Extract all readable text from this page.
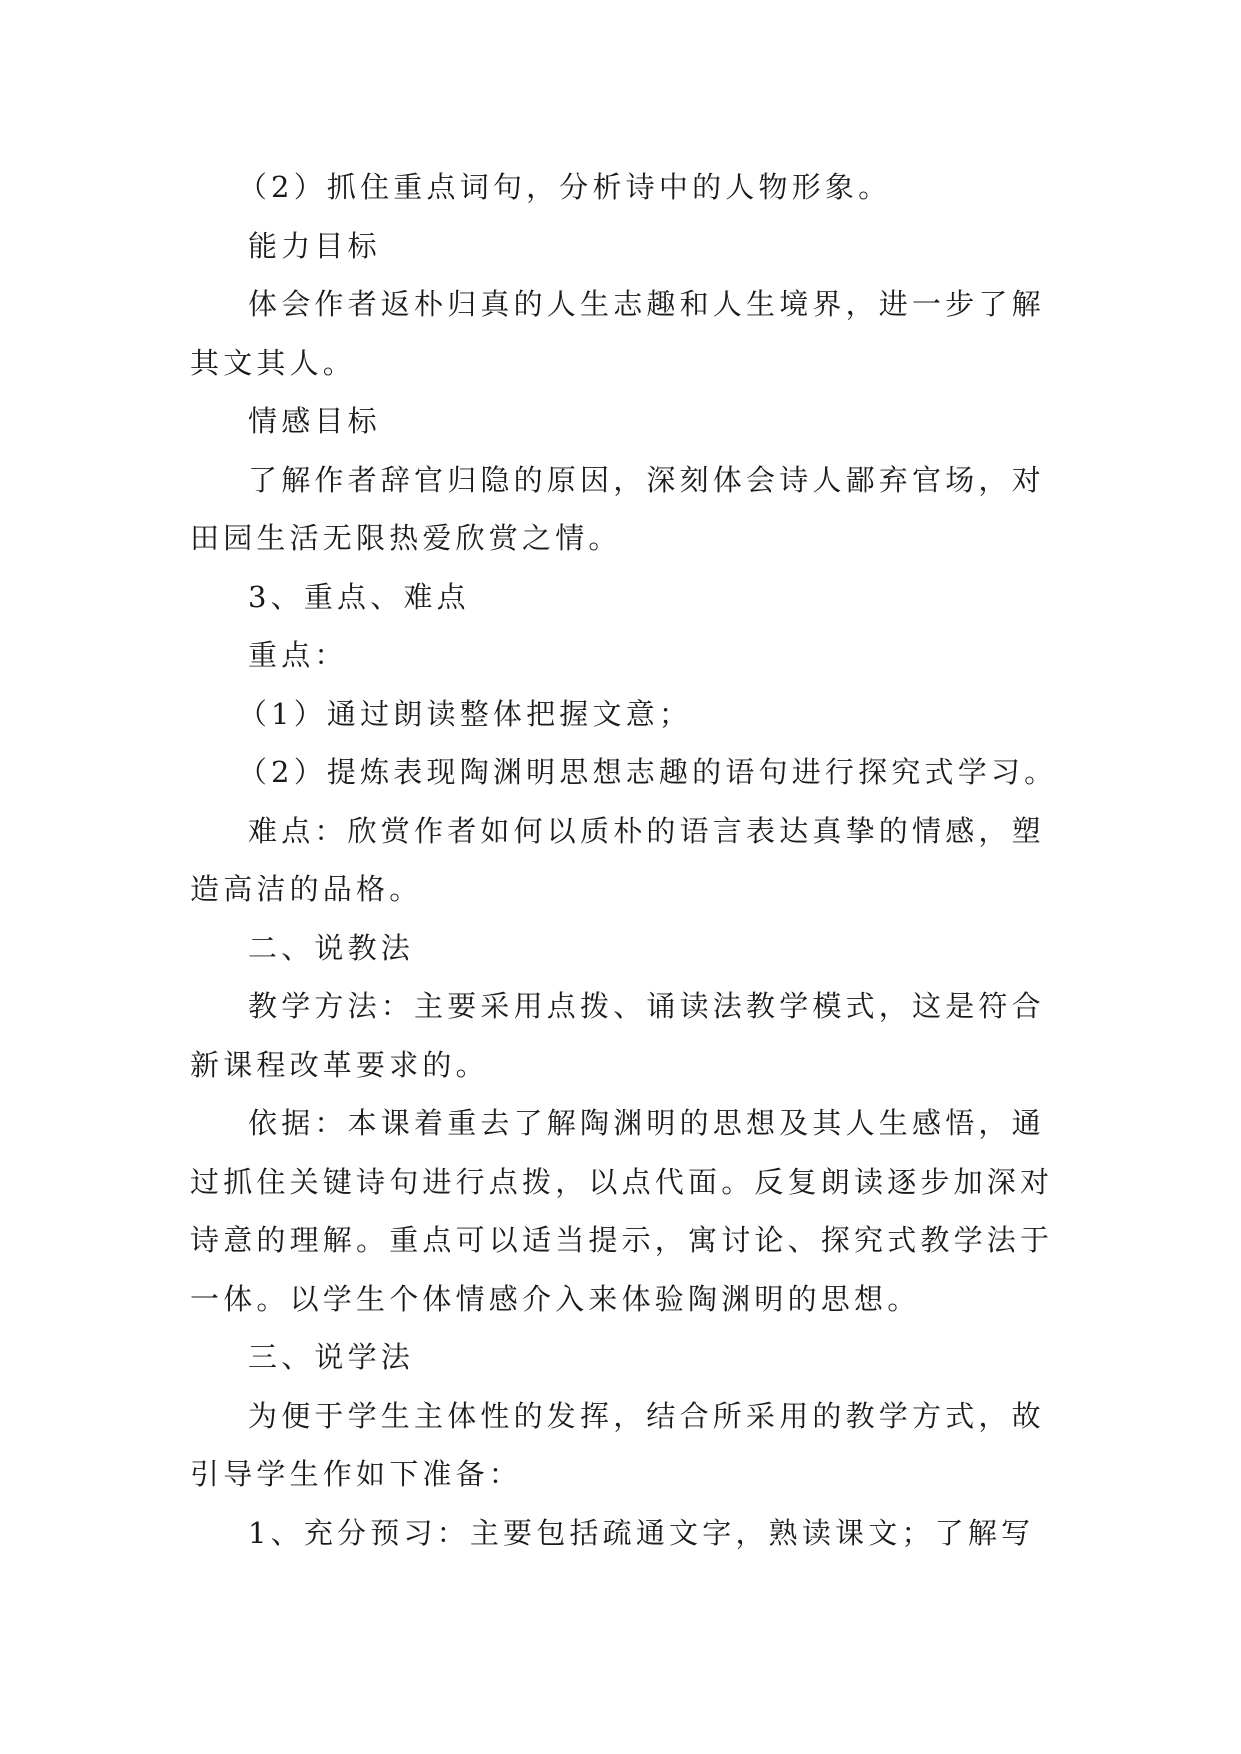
（2）抓住重点词句，分析诗中的人物形象。

能力目标

体会作者返朴归真的人生志趣和人生境界，进一步了解其文其人。

情感目标

了解作者辞官归隐的原因，深刻体会诗人鄙弃官场，对田园生活无限热爱欣赏之情。

3、重点、难点

重点：

（1）通过朗读整体把握文意；

（2）提炼表现陶渊明思想志趣的语句进行探究式学习。

难点：欣赏作者如何以质朴的语言表达真挚的情感，塑造高洁的品格。

二、说教法

教学方法：主要采用点拨、诵读法教学模式，这是符合新课程改革要求的。

依据：本课着重去了解陶渊明的思想及其人生感悟，通过抓住关键诗句进行点拨，以点代面。反复朗读逐步加深对诗意的理解。重点可以适当提示，寓讨论、探究式教学法于一体。以学生个体情感介入来体验陶渊明的思想。

三、说学法

为便于学生主体性的发挥，结合所采用的教学方式，故引导学生作如下准备：

1、充分预习：主要包括疏通文字，熟读课文；了解写
